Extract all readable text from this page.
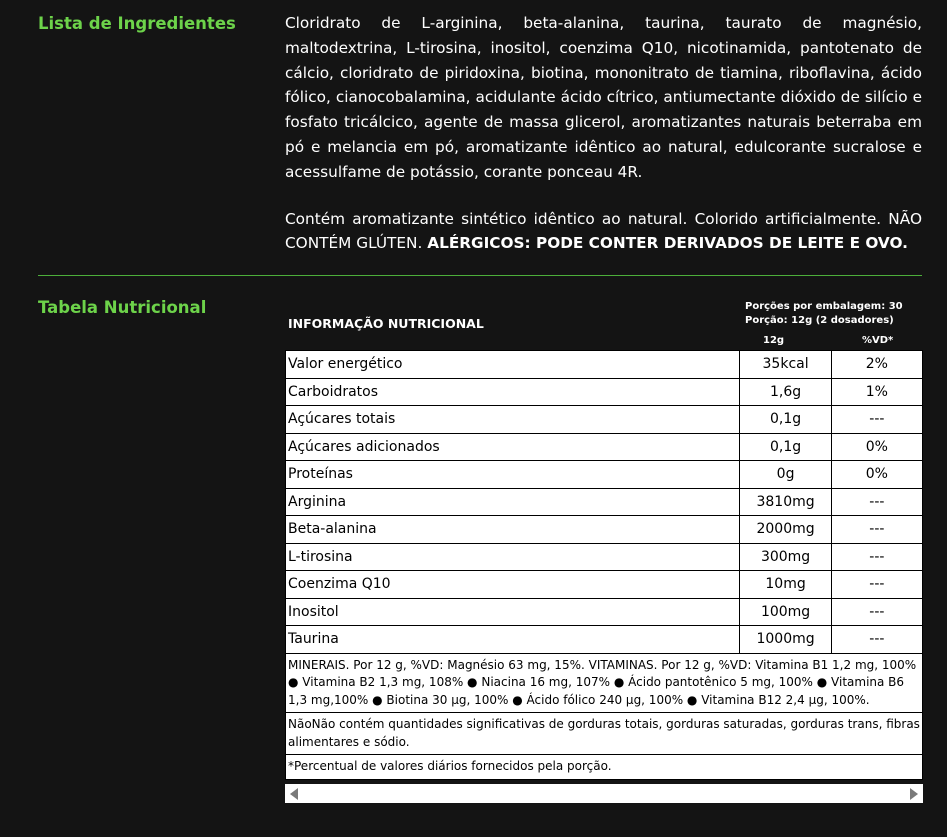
Lista de Ingredientes	Cloridrato de L-arginina, beta-alanina, taurina, taurato de magnésio, maltodextrina, L-tirosina, inositol, coenzima Q10, nicotinamida, pantotenato de cálcio, cloridrato de piridoxina, biotina, mononitrato de tiamina, riboflavina, ácido fólico, cianocobalamina, acidulante ácido cítrico, antiumectante dióxido de silício e fosfato tricálcico, agente de massa glicerol, aromatizantes naturais beterraba em pó e melancia em pó, aromatizante idêntico ao natural, edulcorante sucralose e acessulfame de potássio, corante ponceau 4R.

Contém aromatizante sintético idêntico ao natural. Colorido artificialmente. NÃO CONTÉM GLÚTEN. ALÉRGICOS: PODE CONTER DERIVADOS DE LEITE E OVO.

Tabela Nutricional
INFORMAÇÃO NUTRICIONAL
Porções por embalagem: 30
Porção: 12g (2 dosadores)
12g	%VD*
Valor energético	35kcal	2%
Carboidratos	1,6g	1%
Açúcares totais	0,1g	---
Açúcares adicionados	0,1g	0%
Proteínas	0g	0%
Arginina	3810mg	---
Beta-alanina	2000mg	---
L-tirosina	300mg	---
Coenzima Q10	10mg	---
Inositol	100mg	---
Taurina	1000mg	---
MINERAIS. Por 12 g, %VD: Magnésio 63 mg, 15%. VITAMINAS. Por 12 g, %VD: Vitamina B1 1,2 mg, 100% ● Vitamina B2 1,3 mg, 108% ● Niacina 16 mg, 107% ● Ácido pantotênico 5 mg, 100% ● Vitamina B6 1,3 mg,100% ● Biotina 30 µg, 100% ● Ácido fólico 240 µg, 100% ● Vitamina B12 2,4 µg, 100%.		
NãoNão contém quantidades significativas de gorduras totais, gorduras saturadas, gorduras trans, fibras alimentares e sódio.		
*Percentual de valores diários fornecidos pela porção.		
